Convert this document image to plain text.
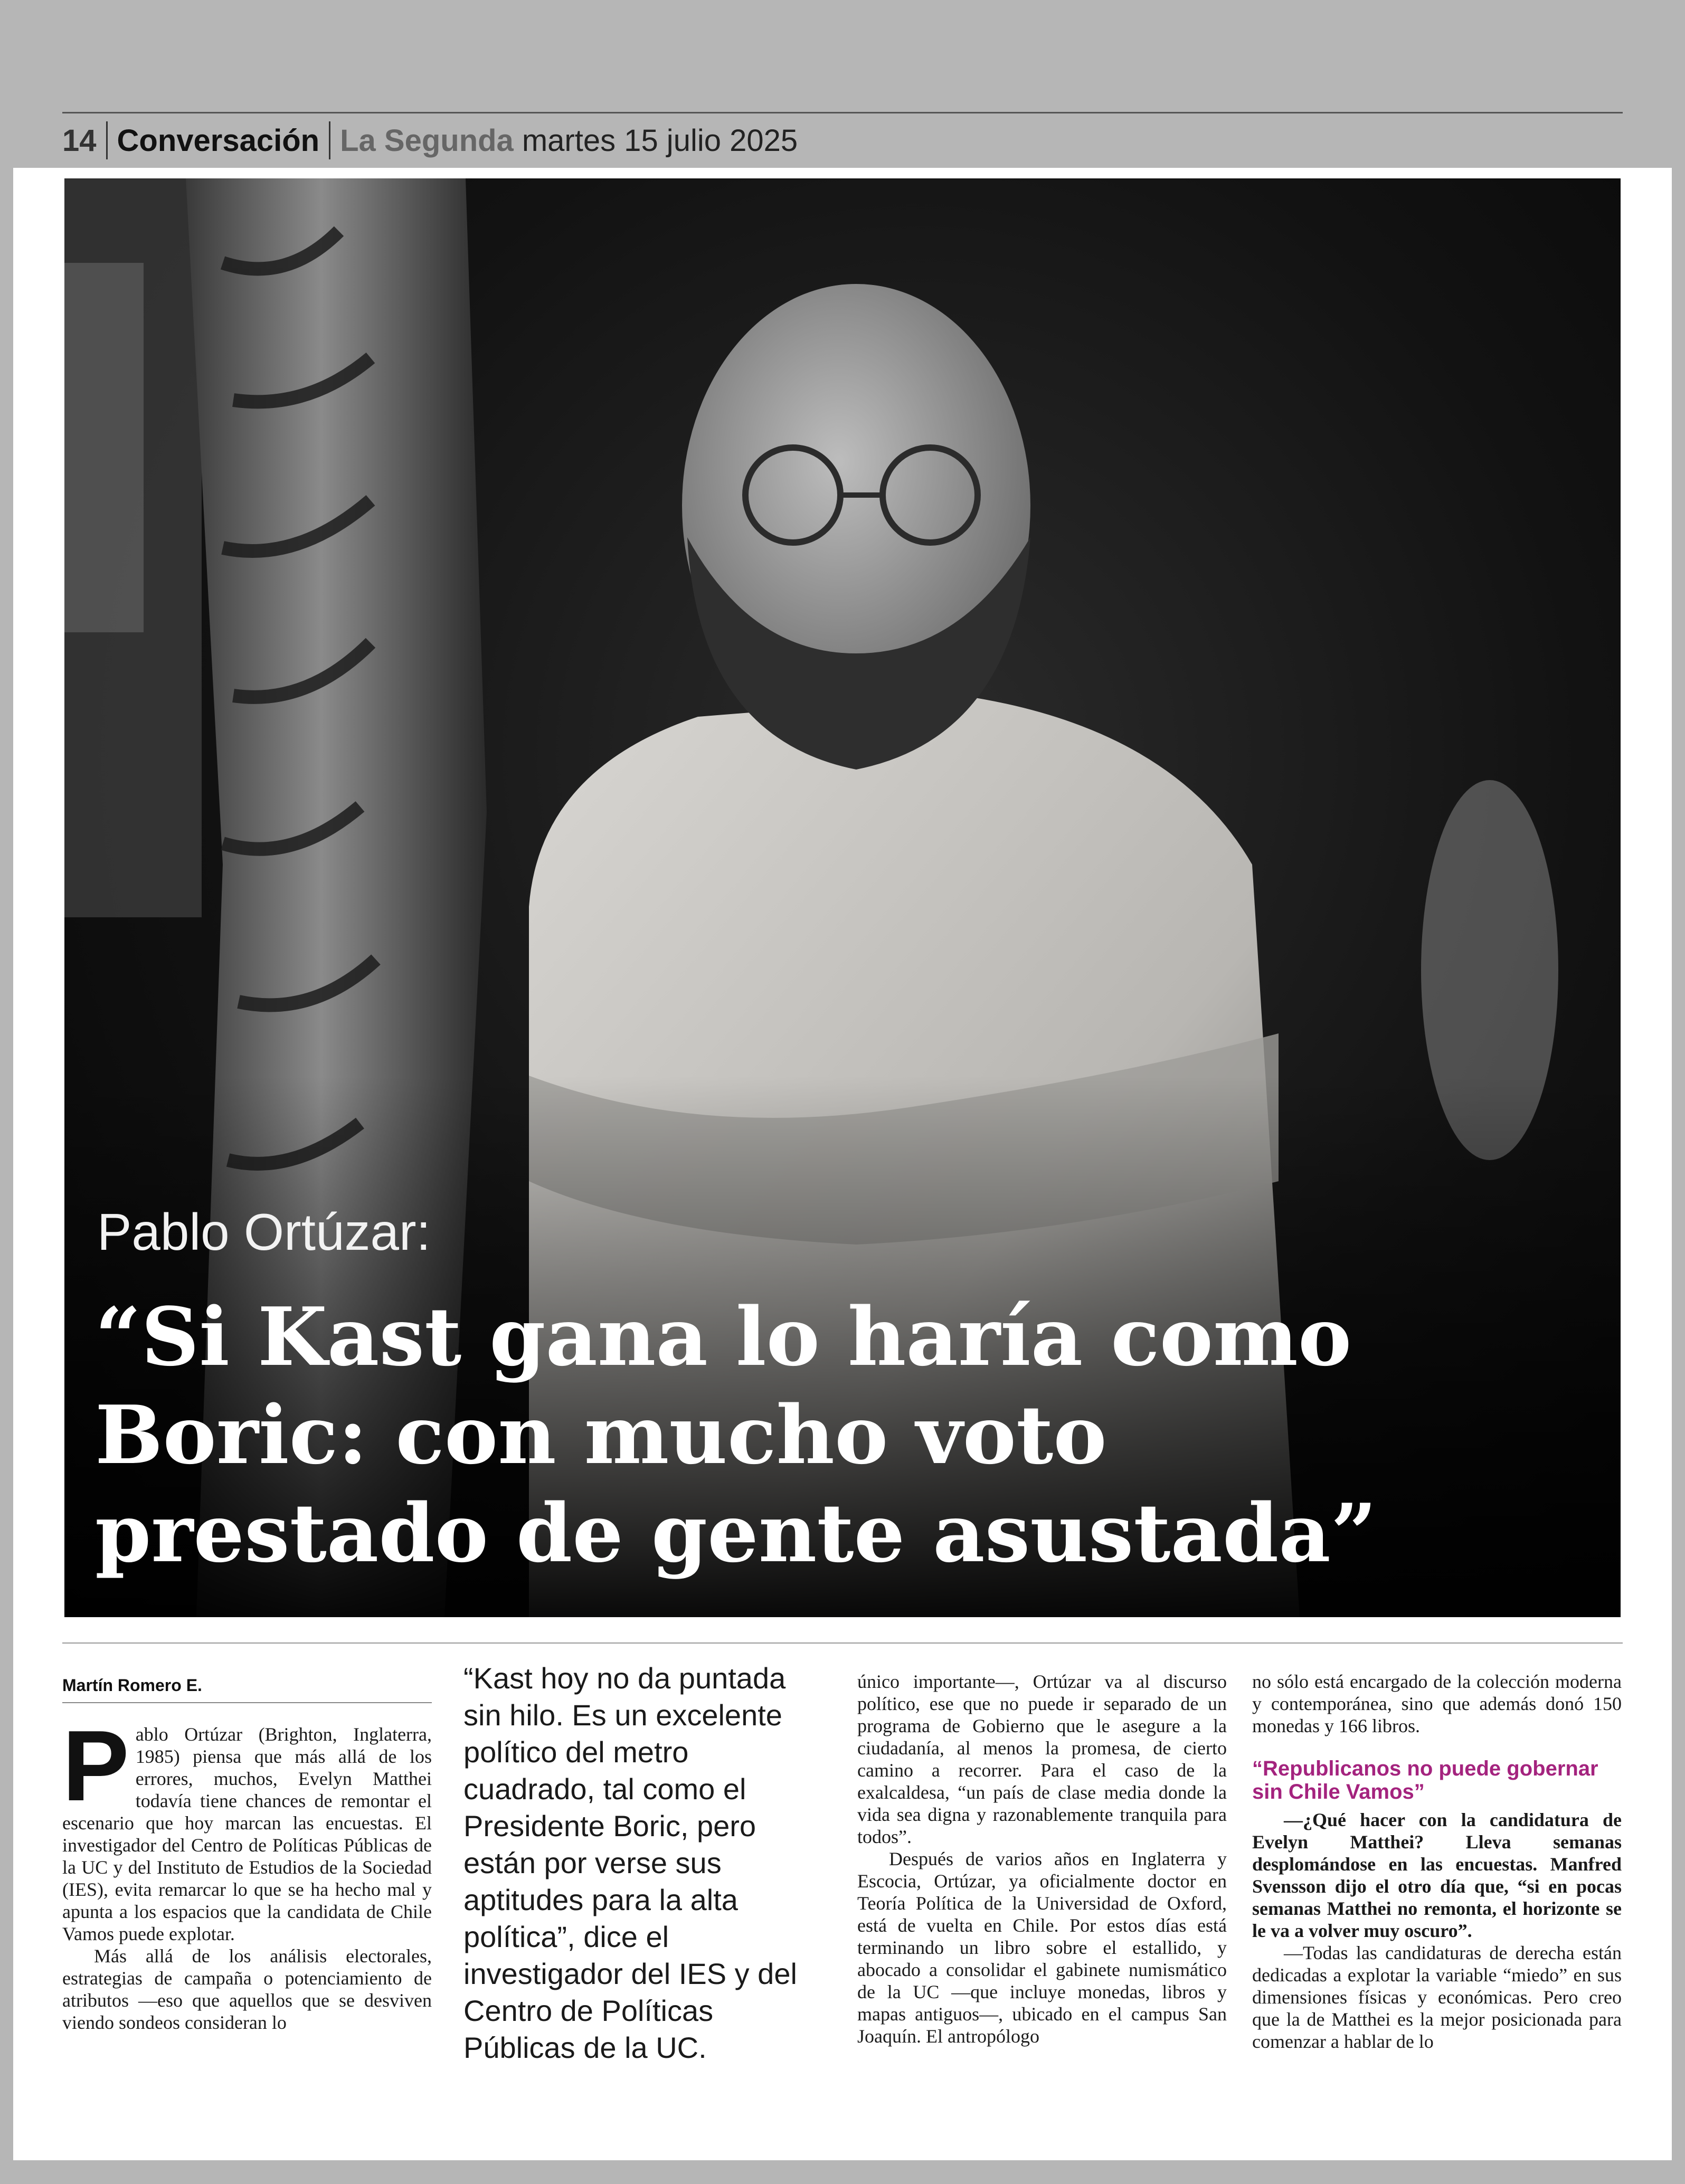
14 Conversación La Segunda martes 15 julio 2025
Pablo Ortúzar:
“Si Kast gana lo haría como
Boric: con mucho voto
prestado de gente asustada”
Martín Romero E.

Pablo Ortúzar (Brighton, Inglaterra, 1985) piensa que más allá de los errores, muchos, Evelyn Matthei todavía tiene chances de remontar el escenario que hoy marcan las encuestas. El investigador del Centro de Políticas Públicas de la UC y del Instituto de Estudios de la Sociedad (IES), evita remarcar lo que se ha hecho mal y apunta a los espacios que la candidata de Chile Vamos puede explotar.

Más allá de los análisis electorales, estrategias de campaña o potenciamiento de atributos —eso que aquellos que se desviven viendo sondeos consideran lo

“Kast hoy no da puntada sin hilo. Es un excelente político del metro cuadrado, tal como el Presidente Boric, pero están por verse sus aptitudes para la alta política”, dice el investigador del IES y del Centro de Políticas Públicas de la UC.

único importante—, Ortúzar va al discurso político, ese que no puede ir separado de un programa de Gobierno que le asegure a la ciudadanía, al menos la promesa, de cierto camino a recorrer. Para el caso de la exalcaldesa, “un país de clase media donde la vida sea digna y razonablemente tranquila para todos”.

Después de varios años en Inglaterra y Escocia, Ortúzar, ya oficialmente doctor en Teoría Política de la Universidad de Oxford, está de vuelta en Chile. Por estos días está terminando un libro sobre el estallido, y abocado a consolidar el gabinete numismático de la UC —que incluye monedas, libros y mapas antiguos—, ubicado en el campus San Joaquín. El antropólogo

no sólo está encargado de la colección moderna y contemporánea, sino que además donó 150 monedas y 166 libros.

“Republicanos no puede gobernar sin Chile Vamos”

—¿Qué hacer con la candidatura de Evelyn Matthei? Lleva semanas desplomándose en las encuestas. Manfred Svensson dijo el otro día que, “si en pocas semanas Matthei no remonta, el horizonte se le va a volver muy oscuro”.

—Todas las candidaturas de derecha están dedicadas a explotar la variable “miedo” en sus dimensiones físicas y económicas. Pero creo que la de Matthei es la mejor posicionada para comenzar a hablar de lo
